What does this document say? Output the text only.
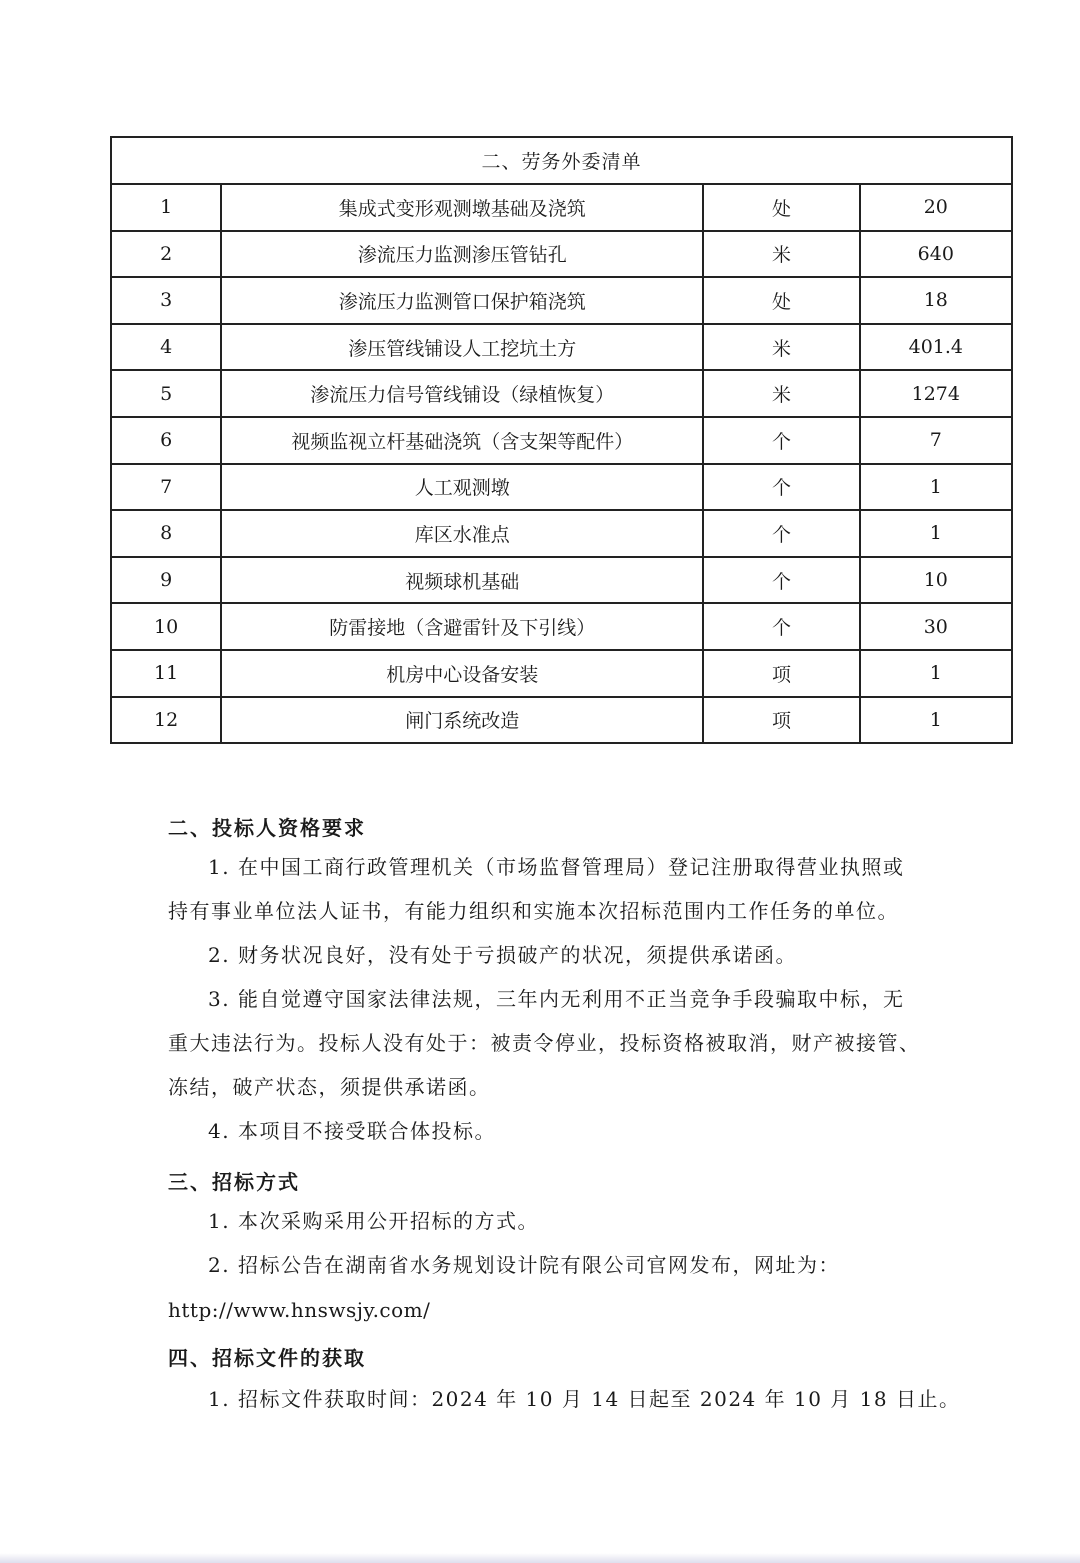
二、劳务外委清单			
1	集成式变形观测墩基础及浇筑	处	20
2	渗流压力监测渗压管钻孔	米	640
3	渗流压力监测管口保护箱浇筑	处	18
4	渗压管线铺设人工挖坑土方	米	401.4
5	渗流压力信号管线铺设（绿植恢复）	米	1274
6	视频监视立杆基础浇筑（含支架等配件）	个	7
7	人工观测墩	个	1
8	库区水准点	个	1
9	视频球机基础	个	10
10	防雷接地（含避雷针及下引线）	个	30
11	机房中心设备安装	项	1
12	闸门系统改造	项	1
二、投标人资格要求
1. 在中国工商行政管理机关（市场监督管理局）登记注册取得营业执照或
持有事业单位法人证书，有能力组织和实施本次招标范围内工作任务的单位。
2. 财务状况良好，没有处于亏损破产的状况，须提供承诺函。
3. 能自觉遵守国家法律法规，三年内无利用不正当竞争手段骗取中标，无
重大违法行为。投标人没有处于：被责令停业，投标资格被取消，财产被接管、
冻结，破产状态，须提供承诺函。
4. 本项目不接受联合体投标。
三、招标方式
1. 本次采购采用公开招标的方式。
2. 招标公告在湖南省水务规划设计院有限公司官网发布，网址为：
http://www.hnswsjy.com/
四、招标文件的获取
1. 招标文件获取时间：2024 年 10 月 14 日起至 2024 年 10 月 18 日止。
